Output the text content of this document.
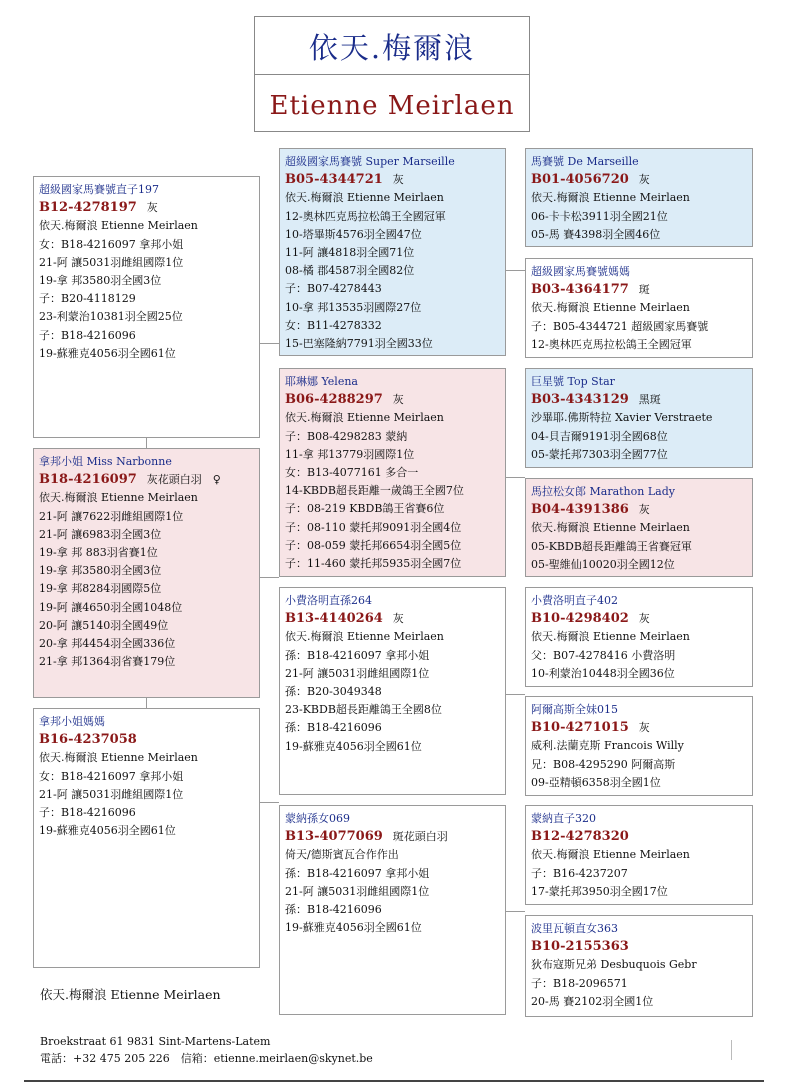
依天.梅爾浪
Etienne Meirlaen
超級國家馬賽號直子197
B12-4278197 灰
依天.梅爾浪 Etienne Meirlaen
女：B18-4216097 拿邦小姐
21-阿 讓5031羽雌組國際1位
19-拿 邦3580羽全國3位
子：B20-4118129
23-利蒙治10381羽全國25位
子：B18-4216096
19-蘇雅克4056羽全國61位
拿邦小姐 Miss Narbonne
B18-4216097 灰花頭白羽　♀
依天.梅爾浪 Etienne Meirlaen
21-阿 讓7622羽雌組國際1位
21-阿 讓6983羽全國3位
19-拿 邦 883羽省賽1位
19-拿 邦3580羽全國3位
19-拿 邦8284羽國際5位
19-阿 讓4650羽全國1048位
20-阿 讓5140羽全國49位
20-拿 邦4454羽全國336位
21-拿 邦1364羽省賽179位
拿邦小姐媽媽
B16-4237058
依天.梅爾浪 Etienne Meirlaen
女：B18-4216097 拿邦小姐
21-阿 讓5031羽雌組國際1位
子：B18-4216096
19-蘇雅克4056羽全國61位
超級國家馬賽號 Super Marseille
B05-4344721 灰
依天.梅爾浪 Etienne Meirlaen
12-奧林匹克馬拉松鴿王全國冠軍
10-塔畢斯4576羽全國47位
11-阿 讓4818羽全國71位
08-橘 郡4587羽全國82位
子：B07-4278443
10-拿 邦13535羽國際27位
女：B11-4278332
15-巴塞隆納7791羽全國33位
耶琳娜 Yelena
B06-4288297 灰
依天.梅爾浪 Etienne Meirlaen
子：B08-4298283 蒙納
11-拿 邦13779羽國際1位
女：B13-4077161 多合一
14-KBDB超長距離一歲鴿王全國7位
子：08-219 KBDB鴿王省賽6位
子：08-110 蒙托邦9091羽全國4位
子：08-059 蒙托邦6654羽全國5位
子：11-460 蒙托邦5935羽全國7位
小費洛明直孫264
B13-4140264 灰
依天.梅爾浪 Etienne Meirlaen
孫：B18-4216097 拿邦小姐
21-阿 讓5031羽雌組國際1位
孫：B20-3049348
23-KBDB超長距離鴿王全國8位
孫：B18-4216096
19-蘇雅克4056羽全國61位
蒙納孫女069
B13-4077069 斑花頭白羽
倚天/德斯賓瓦合作作出
孫：B18-4216097 拿邦小姐
21-阿 讓5031羽雌組國際1位
孫：B18-4216096
19-蘇雅克4056羽全國61位
馬賽號 De Marseille
B01-4056720 灰
依天.梅爾浪 Etienne Meirlaen
06-卡卡松3911羽全國21位
05-馬 賽4398羽全國46位
超級國家馬賽號媽媽
B03-4364177 斑
依天.梅爾浪 Etienne Meirlaen
子：B05-4344721 超級國家馬賽號
12-奧林匹克馬拉松鴿王全國冠軍
巨星號 Top Star
B03-4343129 黑斑
沙畢耶.佛斯特拉 Xavier Verstraete
04-貝吉爾9191羽全國68位
05-蒙托邦7303羽全國77位
馬拉松女郎 Marathon Lady
B04-4391386 灰
依天.梅爾浪 Etienne Meirlaen
05-KBDB超長距離鴿王省賽冠軍
05-聖維仙10020羽全國12位
小費洛明直子402
B10-4298402 灰
依天.梅爾浪 Etienne Meirlaen
父：B07-4278416 小費洛明
10-利蒙治10448羽全國36位
阿爾高斯全妹015
B10-4271015 灰
威利.法蘭克斯 Francois Willy
兄：B08-4295290 阿爾高斯
09-亞精頓6358羽全國1位
蒙納直子320
B12-4278320
依天.梅爾浪 Etienne Meirlaen
子：B16-4237207
17-蒙托邦3950羽全國17位
波里瓦頓直女363
B10-2155363
狄布寇斯兄弟 Desbuquois Gebr
子：B18-2096571
20-馬 賽2102羽全國1位
依天.梅爾浪 Etienne Meirlaen
Broekstraat 61 9831 Sint-Martens-Latem
電話：+32 475 205 226　信箱：etienne.meirlaen@skynet.be
